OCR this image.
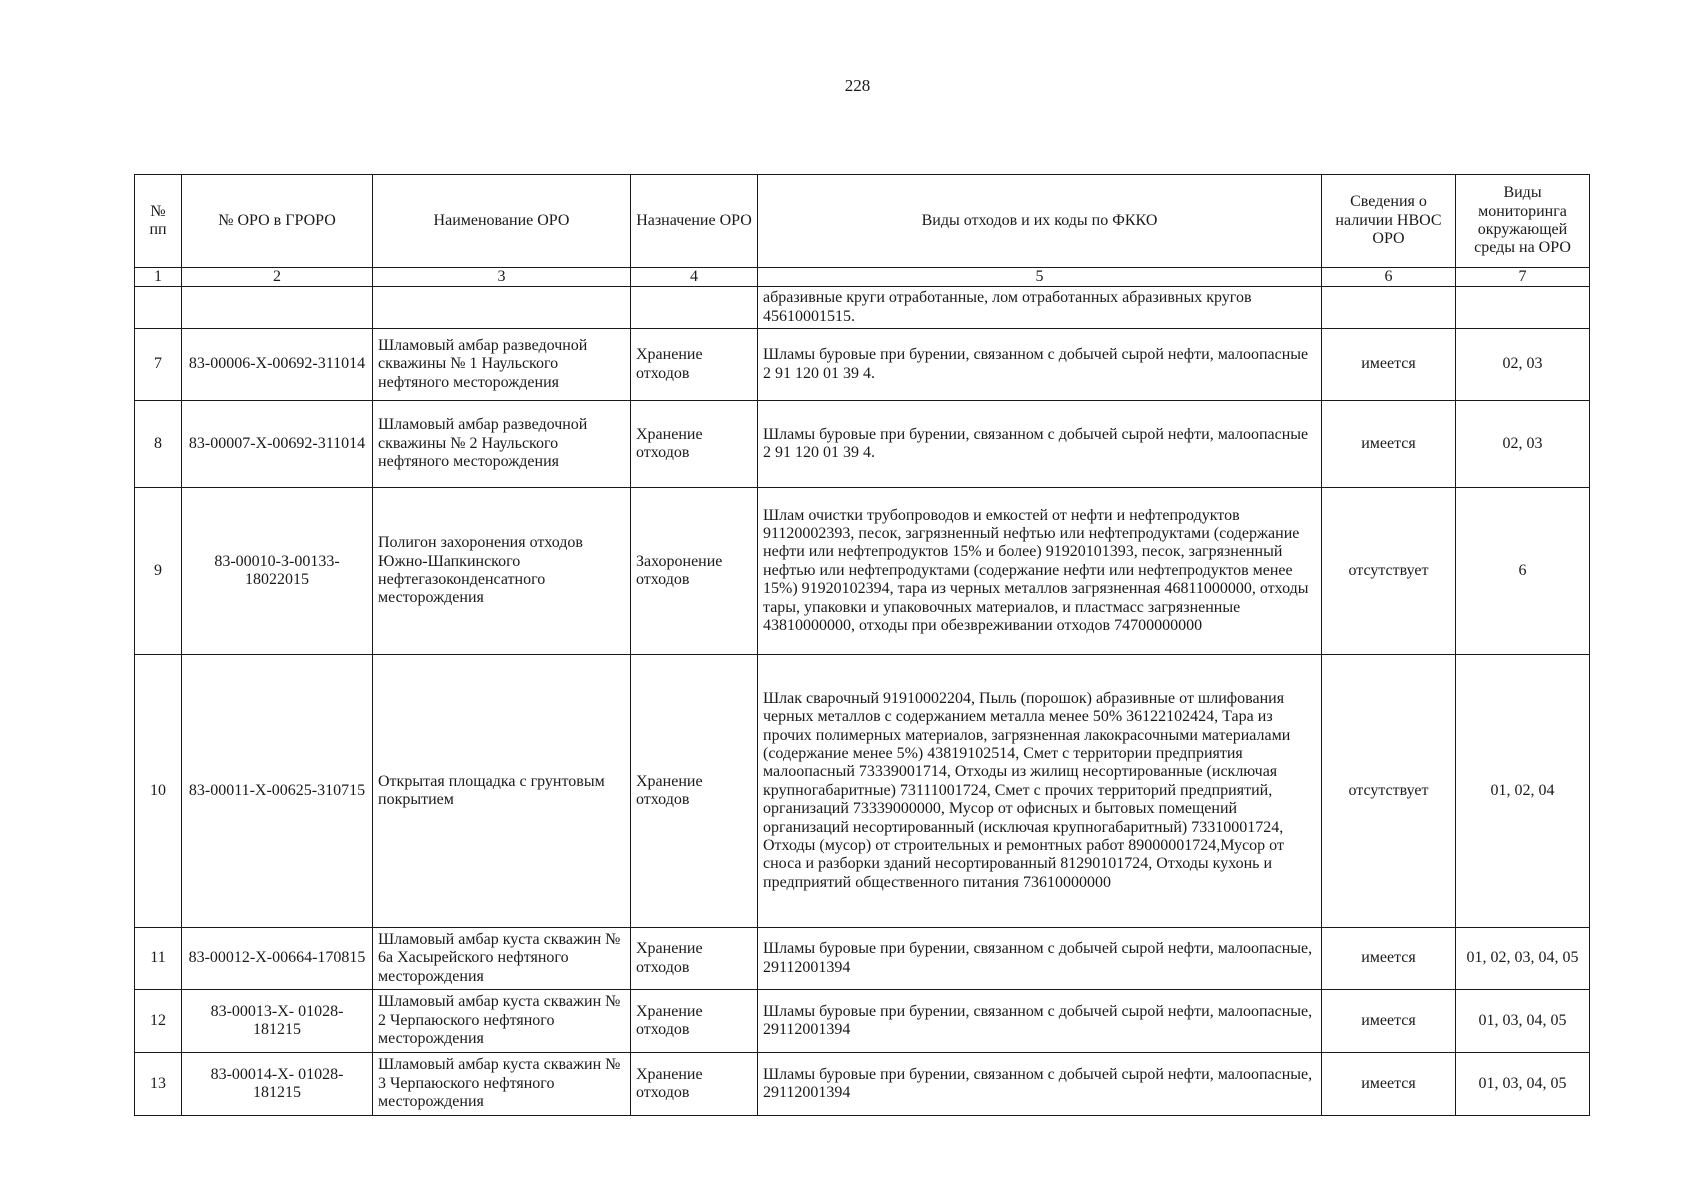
228
№ пп	№ ОРО в ГРОРО	Наименование ОРО	Назначение ОРО	Виды отходов и их коды по ФККО	Сведения о наличии НВОС ОРО	Виды мониторинга окружающей среды на ОРО
1	2	3	4	5	6	7
				абразивные круги отработанные, лом отработанных абразивных кругов 45610001515.		
7	83-00006-Х-00692-311014	Шламовый амбар разведочной скважины № 1 Наульского нефтяного месторождения	Хранение отходов	Шламы буровые при бурении, связанном с добычей сырой нефти, малоопасные 2 91 120 01 39 4.	имеется	02, 03
8	83-00007-Х-00692-311014	Шламовый амбар разведочной скважины № 2 Наульского нефтяного месторождения	Хранение отходов	Шламы буровые при бурении, связанном с добычей сырой нефти, малоопасные 2 91 120 01 39 4.	имеется	02, 03
9	83-00010-З-00133-18022015	Полигон захоронения отходов Южно-Шапкинского нефтегазоконденсатного месторождения	Захоронение отходов	Шлам очистки трубопроводов и емкостей от нефти и нефтепродуктов 91120002393, песок, загрязненный нефтью или нефтепродуктами (содержание нефти или нефтепродуктов 15% и более) 91920101393, песок, загрязненный нефтью или нефтепродуктами (содержание нефти или нефтепродуктов менее 15%) 91920102394, тара из черных металлов загрязненная 46811000000, отходы тары, упаковки и упаковочных материалов, и пластмасс загрязненные 43810000000, отходы при обезвреживании отходов 74700000000	отсутствует	6
10	83-00011-Х-00625-310715	Открытая площадка с грунтовым покрытием	Хранение отходов	Шлак сварочный 91910002204, Пыль (порошок) абразивные от шлифования черных металлов с содержанием металла менее 50% 36122102424, Тара из прочих полимерных материалов, загрязненная лакокрасочными материалами (содержание менее 5%) 43819102514, Смет с территории предприятия малоопасный 73339001714, Отходы из жилищ несортированные (исключая крупногабаритные) 73111001724, Смет с прочих территорий предприятий, организаций 73339000000, Мусор от офисных и бытовых помещений организаций несортированный (исключая крупногабаритный) 73310001724, Отходы (мусор) от строительных и ремонтных работ 89000001724,Мусор от сноса и разборки зданий несортированный 81290101724, Отходы кухонь и предприятий общественного питания 73610000000	отсутствует	01, 02, 04
11	83-00012-Х-00664-170815	Шламовый амбар куста скважин № 6а Хасырейского нефтяного месторождения	Хранение отходов	Шламы буровые при бурении, связанном с добычей сырой нефти, малоопасные, 29112001394	имеется	01, 02, 03, 04, 05
12	83-00013-Х- 01028-181215	Шламовый амбар куста скважин № 2 Черпаюского нефтяного месторождения	Хранение отходов	Шламы буровые при бурении, связанном с добычей сырой нефти, малоопасные, 29112001394	имеется	01, 03, 04, 05
13	83-00014-Х- 01028-181215	Шламовый амбар куста скважин № 3 Черпаюского нефтяного месторождения	Хранение отходов	Шламы буровые при бурении, связанном с добычей сырой нефти, малоопасные, 29112001394	имеется	01, 03, 04, 05
